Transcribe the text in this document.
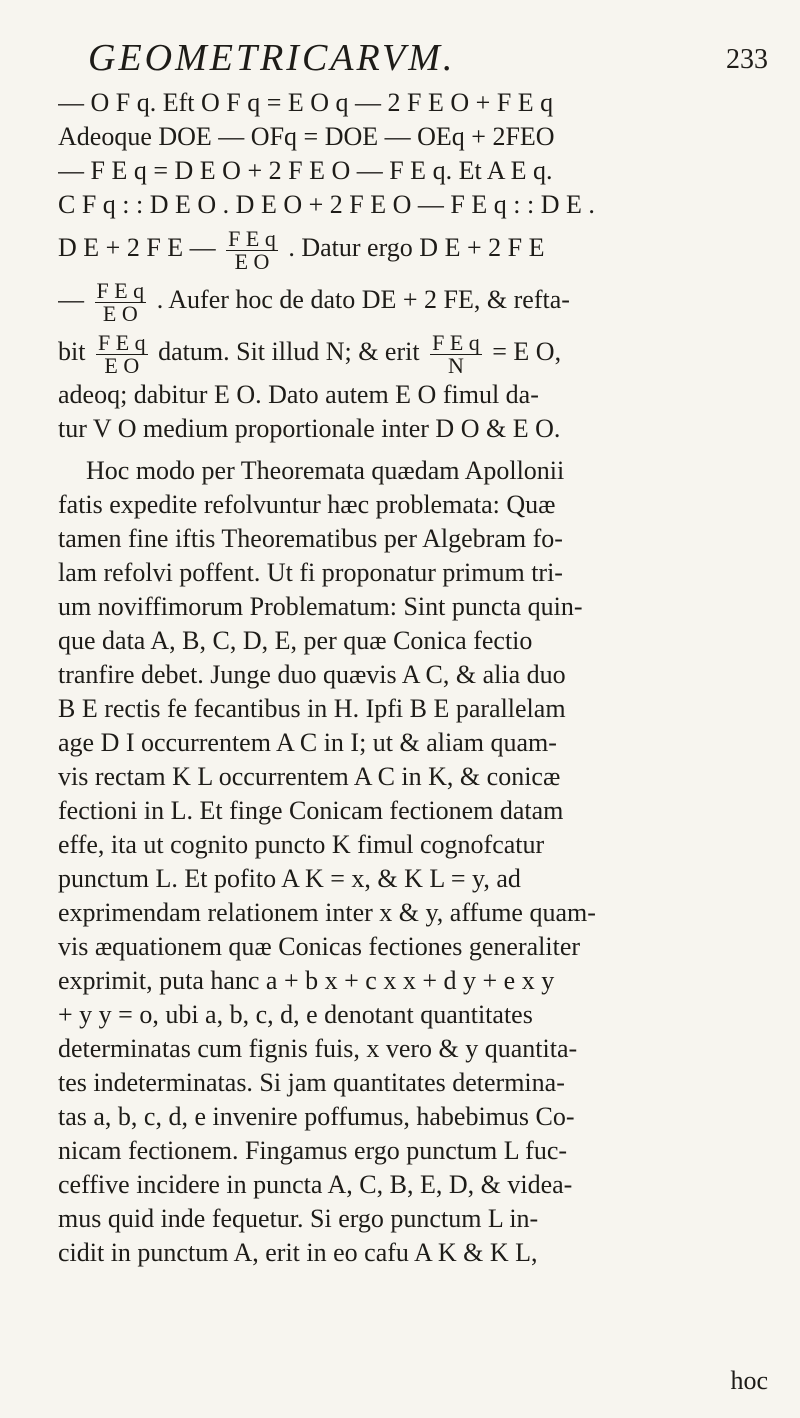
GEOMETRICARVM.	233
— O F q. Eft O F q = E O q — 2 F E O + F E q
Adeoque DOE — OFq = DOE — OEq + 2FEO
— F E q = D E O + 2 F E O — F E q. Et A E q.
C F q : : D E O . D E O + 2 F E O — F E q : : D E .
D E + 2 F E — $\frac{\text{F E q}}{\text{E O}}$ . Datur ergo D E + 2 F E
— $\frac{\text{F E q}}{\text{E O}}$ . Aufer hoc de dato DE + 2 FE, & refta-
bit $\frac{\text{F E q}}{\text{E O}}$ datum. Sit illud N; & erit $\frac{\text{F E q}}{N} = E$ O,
adeoq; dabitur E O. Dato autem E O fimul da-
tur V O medium proportionale inter D O & E O.
Hoc modo per Theoremata quædam Apollonii
fatis expedite refolvuntur hæc problemata: Quæ
tamen fine iftis Theorematibus per Algebram fo-
lam refolvi poffent. Ut fi proponatur primum tri-
um noviffimorum Problematum: Sint puncta quin-
que data A, B, C, D, E, per quæ Conica fectio
tranfire debet. Junge duo quævis A C, & alia duo
B E rectis fe fecantibus in H. Ipfi B E parallelam
age D I occurrentem A C in I; ut & aliam quam-
vis rectam K L occurrentem A C in K, & conicæ
fectioni in L. Et finge Conicam fectionem datam
effe, ita ut cognito puncto K fimul cognofcatur
punctum L. Et pofito A K = x, & K L = y, ad
exprimendam relationem inter x & y, affume quam-
vis æquationem quæ Conicas fectiones generaliter
exprimit, puta hanc a + b x + c x x + d y + e x y
+ y y = o, ubi a, b, c, d, e denotant quantitates
determinatas cum fignis fuis, x vero & y quantita-
tes indeterminatas. Si jam quantitates determina-
tas a, b, c, d, e invenire poffumus, habebimus Co-
nicam fectionem. Fingamus ergo punctum L fuc-
ceffive incidere in puncta A, C, B, E, D, & videa-
mus quid inde fequetur. Si ergo punctum L in-
cidit in punctum A, erit in eo cafu A K & K L,
hoc
